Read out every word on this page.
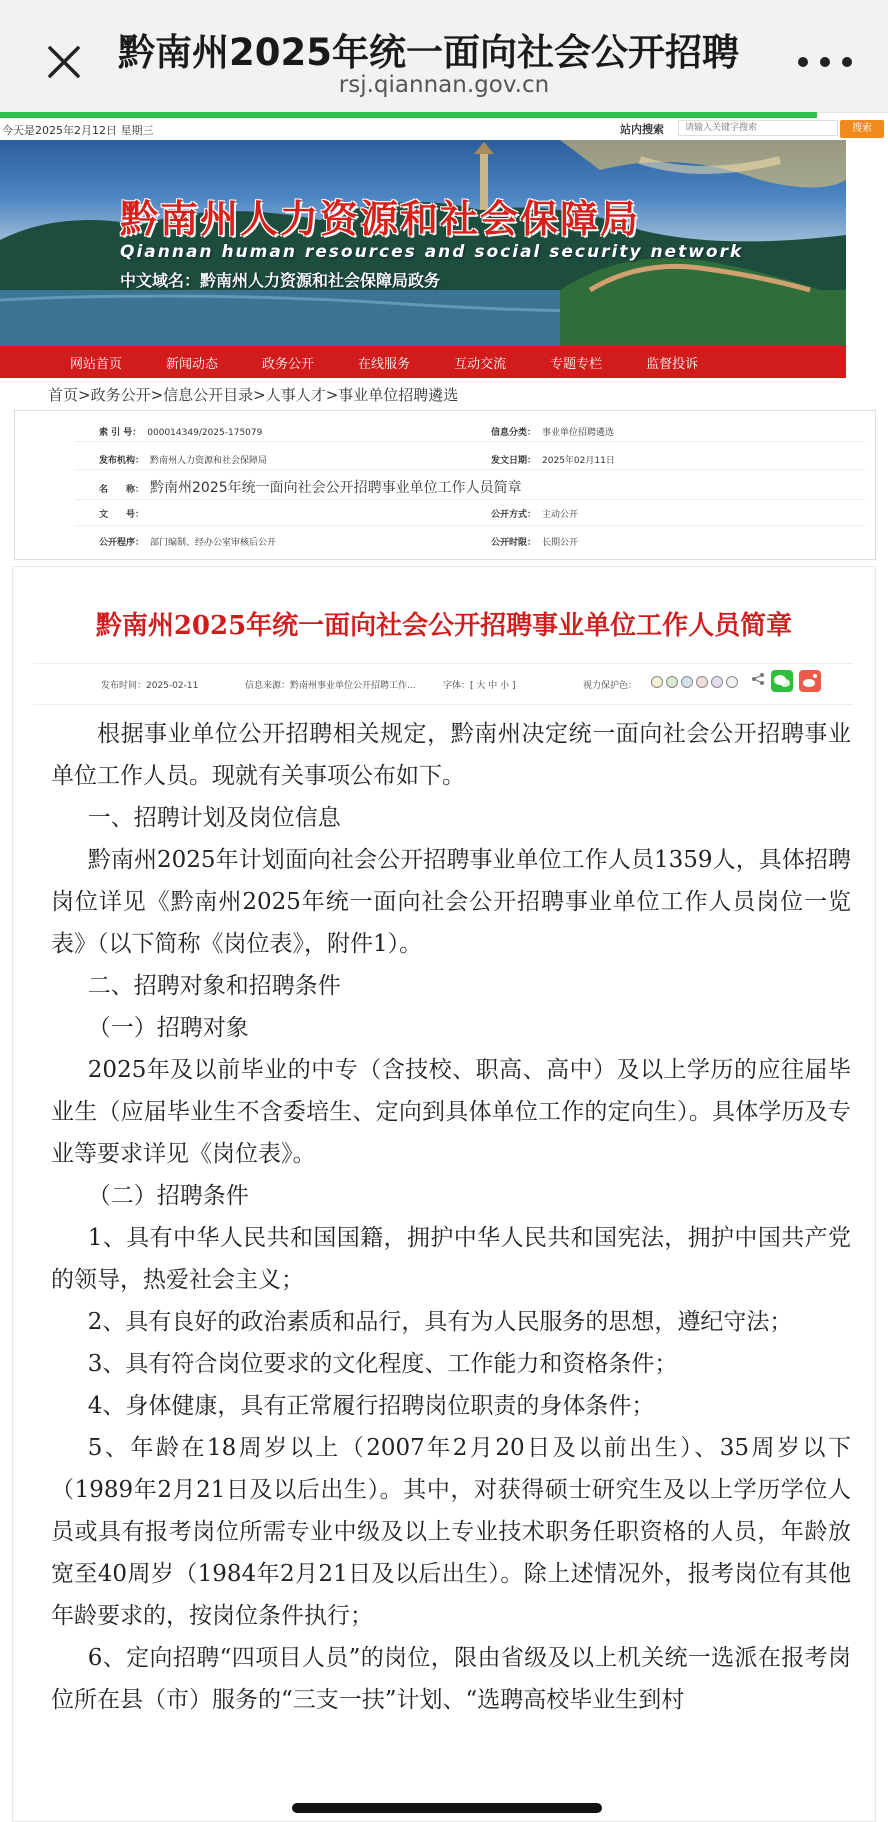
黔南州2025年统一面向社会公开招聘
rsj.qiannan.gov.cn
今天是2025年2月12日 星期三	站内搜索
请输入关键字搜索	搜索
黔南州人力资源和社会保障局
Qiannan human resources and social security network
中文域名：黔南州人力资源和社会保障局政务
网站首页	新闻动态	政务公开	在线服务	互动交流	专题专栏	监督投诉
首页>政务公开>信息公开目录>人事人才>事业单位招聘遴选
索 引 号： 000014349/2025-175079	信息分类： 事业单位招聘遴选
发布机构： 黔南州人力资源和社会保障局	发文日期： 2025年02月11日
名　　称： 黔南州2025年统一面向社会公开招聘事业单位工作人员简章
文　　号：	公开方式： 主动公开
公开程序： 部门编制、经办公室审核后公开	公开时限： 长期公开
黔南州2025年统一面向社会公开招聘事业单位工作人员简章
发布时间：2025-02-11	信息来源：黔南州事业单位公开招聘工作...	字体：[ 大 中 小 ]	视力保护色：

根据事业单位公开招聘相关规定，黔南州决定统一面向社会公开招聘事业单位工作人员。现就有关事项公布如下。

一、招聘计划及岗位信息

黔南州2025年计划面向社会公开招聘事业单位工作人员1359人，具体招聘岗位详见《黔南州2025年统一面向社会公开招聘事业单位工作人员岗位一览表》（以下简称《岗位表》，附件1）。

二、招聘对象和招聘条件

（一）招聘对象

2025年及以前毕业的中专（含技校、职高、高中）及以上学历的应往届毕业生（应届毕业生不含委培生、定向到具体单位工作的定向生）。具体学历及专业等要求详见《岗位表》。

（二）招聘条件

1、具有中华人民共和国国籍，拥护中华人民共和国宪法，拥护中国共产党的领导，热爱社会主义；

2、具有良好的政治素质和品行，具有为人民服务的思想，遵纪守法；

3、具有符合岗位要求的文化程度、工作能力和资格条件；

4、身体健康，具有正常履行招聘岗位职责的身体条件；

5、年龄在18周岁以上（2007年2月20日及以前出生）、35周岁以下（1989年2月21日及以后出生）。其中，对获得硕士研究生及以上学历学位人员或具有报考岗位所需专业中级及以上专业技术职务任职资格的人员，年龄放宽至40周岁（1984年2月21日及以后出生）。除上述情况外，报考岗位有其他年龄要求的，按岗位条件执行；

6、定向招聘“四项目人员”的岗位，限由省级及以上机关统一选派在报考岗位所在县（市）服务的“三支一扶”计划、“选聘高校毕业生到村
